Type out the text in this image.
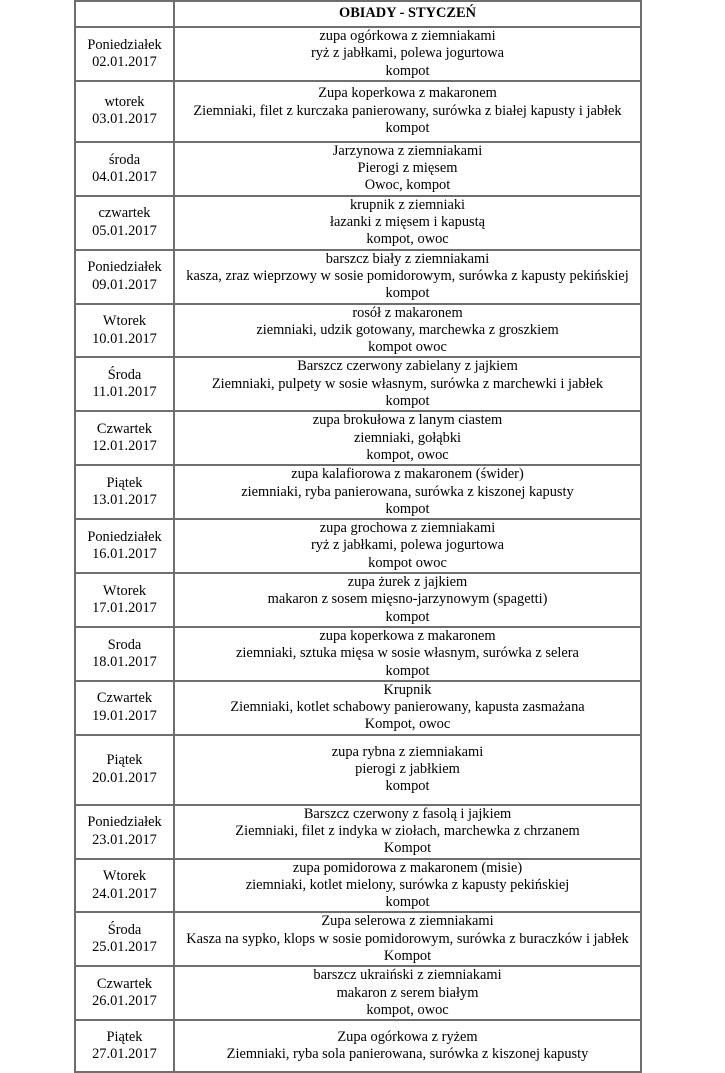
	OBIADY - STYCZEŃ

Poniedziałek
02.01.2017	zupa ogórkowa z ziemniakami
ryż z jabłkami, polewa jogurtowa
kompot

wtorek
03.01.2017	Zupa koperkowa z makaronem
Ziemniaki, filet z kurczaka panierowany, surówka z białej kapusty i jabłek
kompot

środa
04.01.2017	Jarzynowa z ziemniakami
Pierogi z mięsem
Owoc, kompot

czwartek
05.01.2017	krupnik z ziemniaki
łazanki z mięsem i kapustą
kompot, owoc

Poniedziałek
09.01.2017	barszcz biały z ziemniakami
kasza, zraz wieprzowy w sosie pomidorowym, surówka z kapusty pekińskiej
kompot

Wtorek
10.01.2017	rosół z makaronem
ziemniaki, udzik gotowany, marchewka z groszkiem
kompot owoc

Środa
11.01.2017	Barszcz czerwony zabielany z jajkiem
Ziemniaki, pulpety w sosie własnym, surówka z marchewki i jabłek
kompot

Czwartek
12.01.2017	zupa brokułowa z lanym ciastem
ziemniaki, gołąbki
kompot, owoc

Piątek
13.01.2017	zupa kalafiorowa z makaronem (świder)
ziemniaki, ryba panierowana, surówka z kiszonej kapusty
kompot

Poniedziałek
16.01.2017	zupa grochowa z ziemniakami
ryż z jabłkami, polewa jogurtowa
kompot owoc

Wtorek
17.01.2017	zupa żurek z jajkiem
makaron z sosem mięsno-jarzynowym (spagetti)
kompot

Sroda
18.01.2017	zupa koperkowa z makaronem
ziemniaki, sztuka mięsa w sosie własnym, surówka z selera
kompot

Czwartek
19.01.2017	Krupnik
Ziemniaki, kotlet schabowy panierowany, kapusta zasmażana
Kompot, owoc

Piątek
20.01.2017	zupa rybna z ziemniakami
pierogi z jabłkiem
kompot

Poniedziałek
23.01.2017	Barszcz czerwony z fasolą i jajkiem
Ziemniaki, filet z indyka w ziołach, marchewka z chrzanem
Kompot

Wtorek
24.01.2017	zupa pomidorowa z makaronem (misie)
ziemniaki, kotlet mielony, surówka z kapusty pekińskiej
kompot

Środa
25.01.2017	Zupa selerowa z ziemniakami
Kasza na sypko, klops w sosie pomidorowym, surówka z buraczków i jabłek
Kompot

Czwartek
26.01.2017	barszcz ukraiński z ziemniakami
makaron z serem białym
kompot, owoc

Piątek
27.01.2017	Zupa ogórkowa z ryżem
Ziemniaki, ryba sola panierowana, surówka z kiszonej kapusty
